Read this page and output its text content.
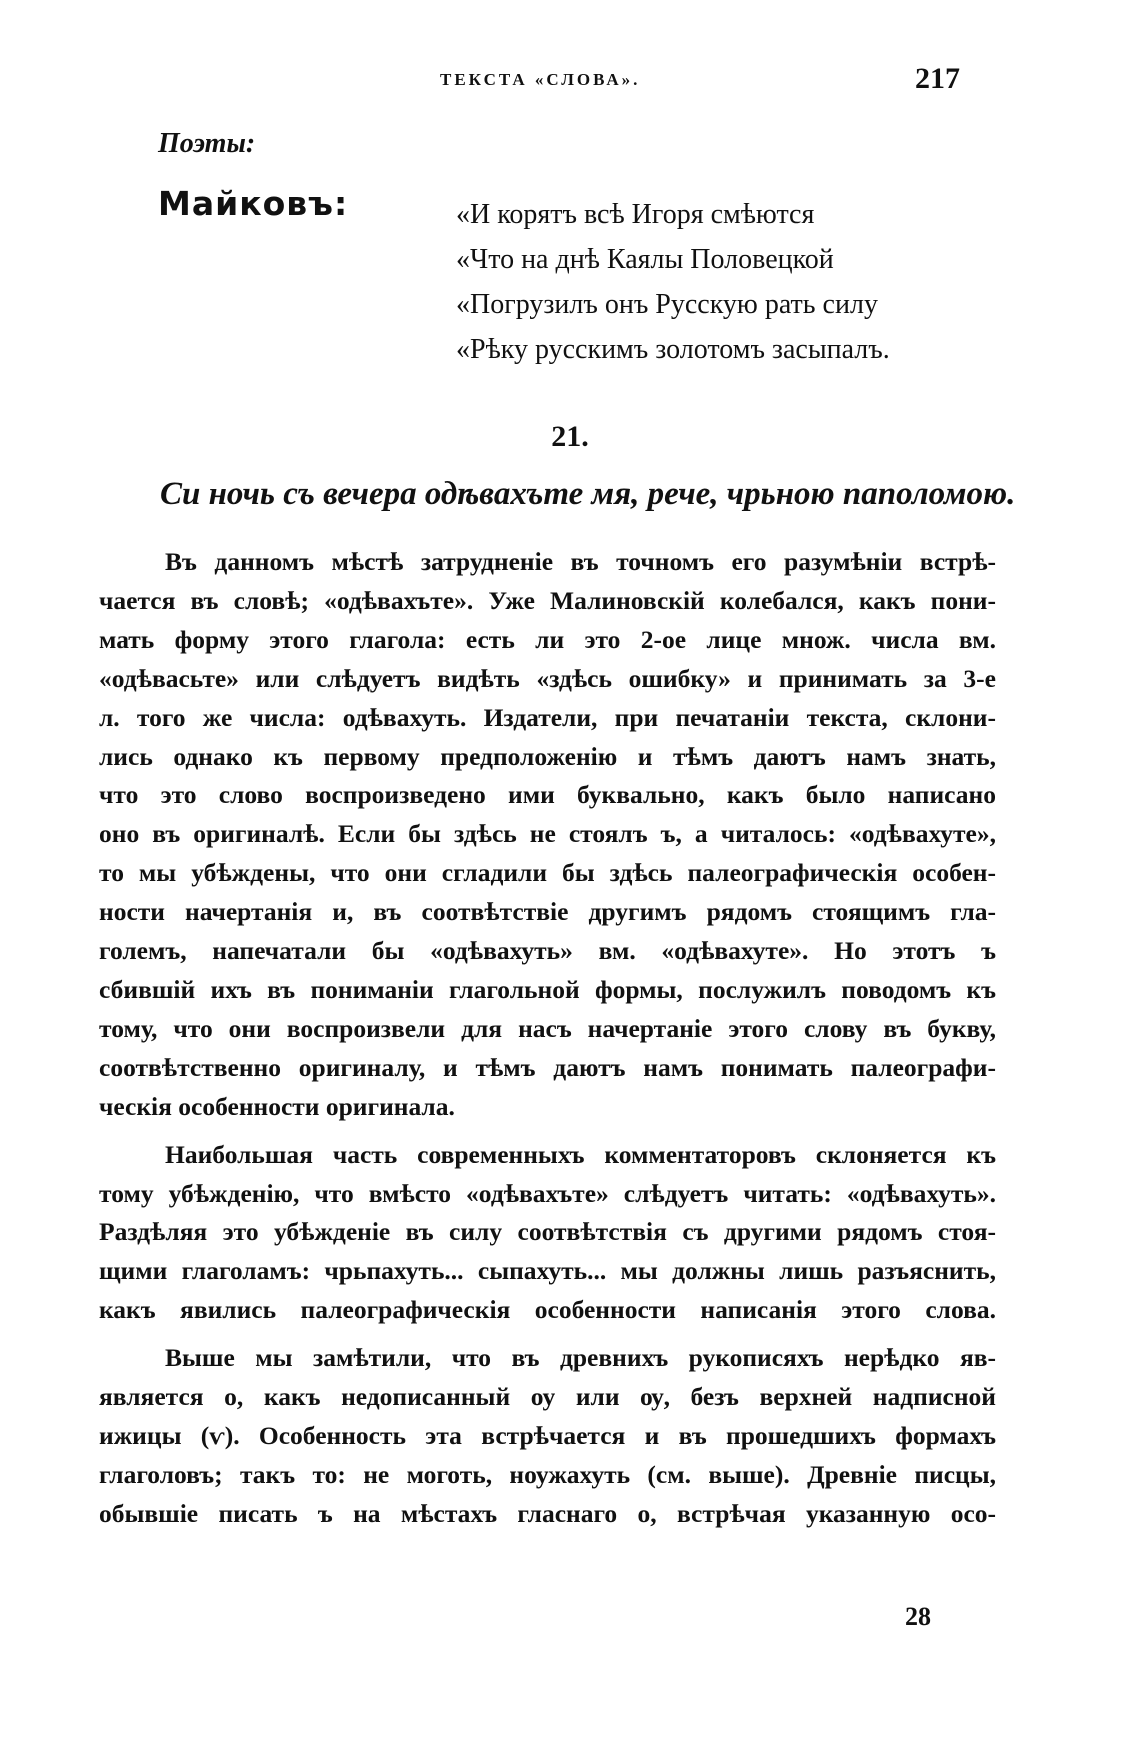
ТЕКСТА «СЛОВА».	217
Поэты:
Майковъ:	«И корятъ всѣ Игоря смѣются
«Что на днѣ Каялы Половецкой
«Погрузилъ онъ Русскую рать силу
«Рѣку русскимъ золотомъ засыпалъ.
21.
Си ночь съ вечера одѣвахъте мя, рече, чрьною паполомою.
Въ данномъ мѣстѣ затрудненіе въ точномъ его разумѣніи встрѣ-
чается въ словѣ; «одѣвахъте». Уже Малиновскій колебался, какъ пони-
мать форму этого глагола: есть ли это 2-ое лице множ. числа вм.
«одѣвасьте» или слѣдуетъ видѣть «здѣсь ошибку» и принимать за 3-е
л. того же числа: одѣвахуть. Издатели, при печатаніи текста, склони-
лись однако къ первому предположенію и тѣмъ даютъ намъ знать,
что это слово воспроизведено ими буквально, какъ было написано
оно въ оригиналѣ. Если бы здѣсь не стоялъ ъ, а читалось: «одѣвахуте»,
то мы убѣждены, что они сгладили бы здѣсь палеографическія особен-
ности начертанія и, въ соотвѣтствіе другимъ рядомъ стоящимъ гла-
големъ, напечатали бы «одѣвахуть» вм. «одѣвахуте». Но этотъ ъ
сбившій ихъ въ пониманіи глагольной формы, послужилъ поводомъ къ
тому, что они воспроизвели для насъ начертаніе этого слову въ букву,
соотвѣтственно оригиналу, и тѣмъ даютъ намъ понимать палеографи-
ческія особенности оригинала.
Наибольшая часть современныхъ комментаторовъ склоняется къ
тому убѣжденію, что вмѣсто «одѣвахъте» слѣдуетъ читать: «одѣвахуть».
Раздѣляя это убѣжденіе въ силу соотвѣтствія съ другими рядомъ стоя-
щими глаголамъ: чрьпахуть... сыпахуть... мы должны лишь разъяснить,
какъ явились палеографическія особенности написанія этого слова.
Выше мы замѣтили, что въ древнихъ рукописяхъ нерѣдко яв-
является о, какъ недописанный оу или ѹ, безъ верхней надписной
ижицы (ѵ). Особенность эта встрѣчается и въ прошедшихъ формахъ
глаголовъ; такъ то: не моготь, ноужахуть (см. выше). Древніе писцы,
обывшіе писать ъ на мѣстахъ гласнаго о, встрѣчая указанную осо-
28
